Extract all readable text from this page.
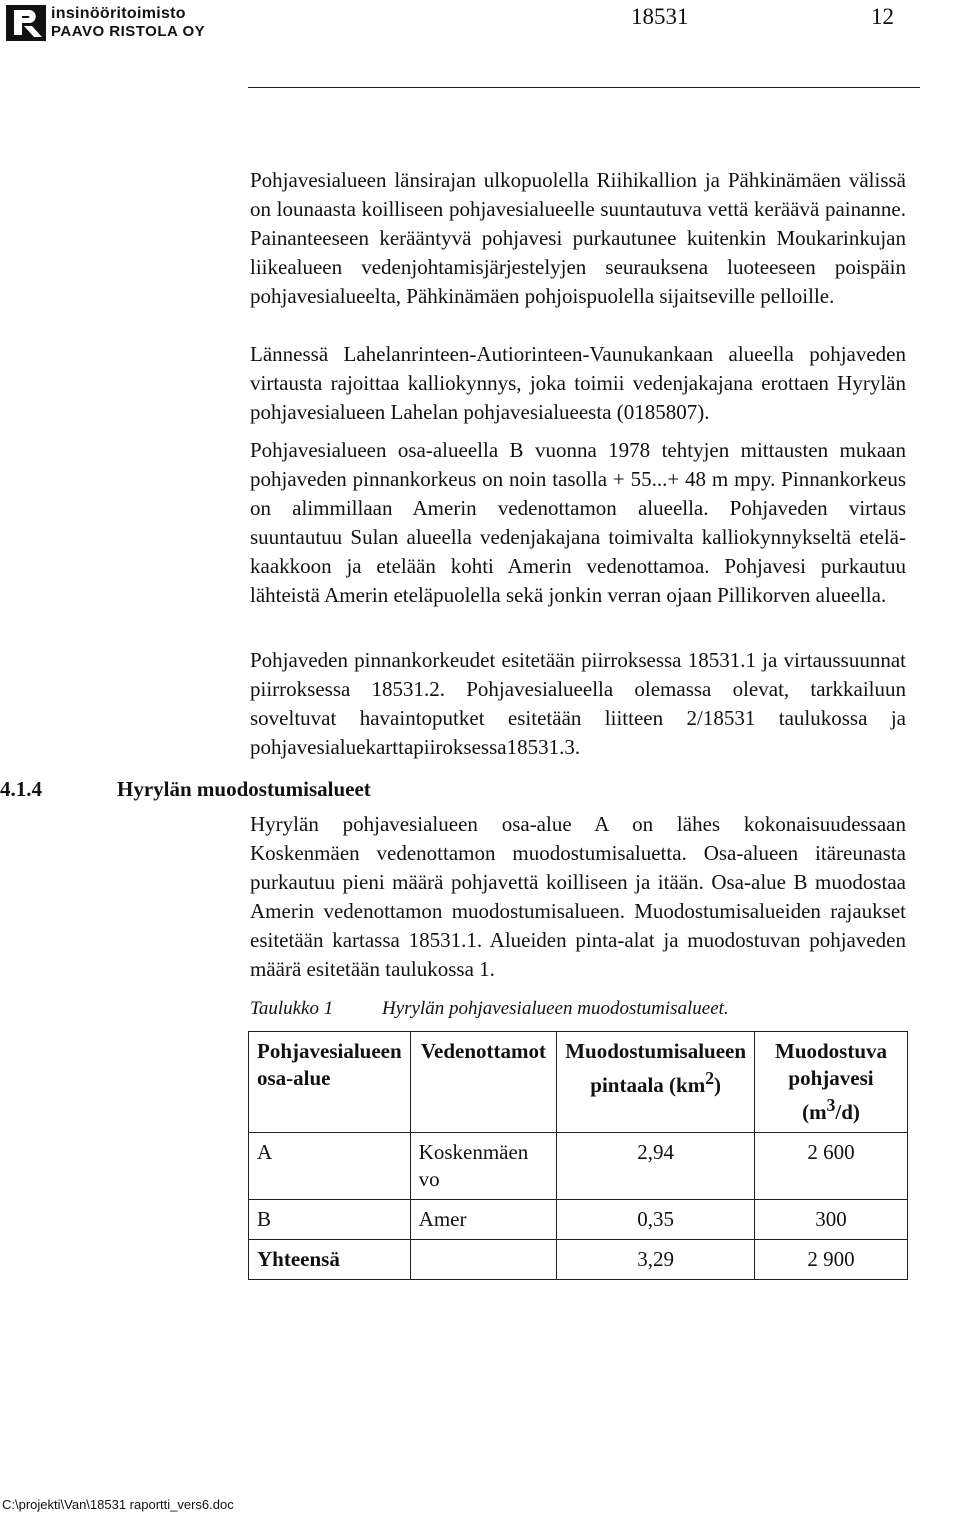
insinööritoimisto
PAAVO RISTOLA OY
18531	12

Pohjavesialueen länsirajan ulkopuolella Riihikallion ja Pähkinämäen välissä on lounaasta koilliseen pohjavesialueelle suuntautuva vettä keräävä painanne. Painanteeseen kerääntyvä pohjavesi purkautunee kuitenkin Moukarinkujan liikealueen vedenjohtamisjärjestelyjen seurauksena luoteeseen poispäin pohjavesialueelta, Pähkinämäen pohjoispuolella sijaitseville pelloille.

Lännessä Lahelanrinteen-Autiorinteen-Vaunukankaan alueella pohjaveden virtausta rajoittaa kalliokynnys, joka toimii vedenjakajana erottaen Hyrylän pohjavesialueen Lahelan pohjavesialueesta (0185807).

Pohjavesialueen osa-alueella B vuonna 1978 tehtyjen mittausten mukaan pohjaveden pinnankorkeus on noin tasolla + 55...+ 48 m mpy. Pinnankorkeus on alimmillaan Amerin vedenottamon alueella. Pohjaveden virtaus suuntautuu Sulan alueella vedenjakajana toimivalta kalliokynnykseltä etelä-kaakkoon ja etelään kohti Amerin vedenottamoa. Pohjavesi purkautuu lähteistä Amerin eteläpuolella sekä jonkin verran ojaan Pillikorven alueella.

Pohjaveden pinnankorkeudet esitetään piirroksessa 18531.1 ja virtaussuunnat piirroksessa 18531.2. Pohjavesialueella olemassa olevat, tarkkailuun soveltuvat havaintoputket esitetään liitteen 2/18531 taulukossa ja pohjavesialuekarttapiiroksessa18531.3.

4.1.4	Hyrylän muodostumisalueet

Hyrylän pohjavesialueen osa-alue A on lähes kokonaisuudessaan Koskenmäen vedenottamon muodostumisaluetta. Osa-alueen itäreunasta purkautuu pieni määrä pohjavettä koilliseen ja itään. Osa-alue B muodostaa Amerin vedenottamon muodostumisalueen. Muodostumisalueiden rajaukset esitetään kartassa 18531.1. Alueiden pinta-alat ja muodostuvan pohjaveden määrä esitetään taulukossa 1.

Taulukko 1	Hyrylän pohjavesialueen muodostumisalueet.
Pohjavesialueen osa-alue	Vedenottamot	Muodostumisalueen pintaala $(km^2)$	Muodostuva pohjavesi $(m^3/d)$
A	Koskenmäen vo	2,94	2 600
B	Amer	0,35	300
Yhteensä		3,29	2 900
C:\projekti\Van\18531 raportti_vers6.doc
